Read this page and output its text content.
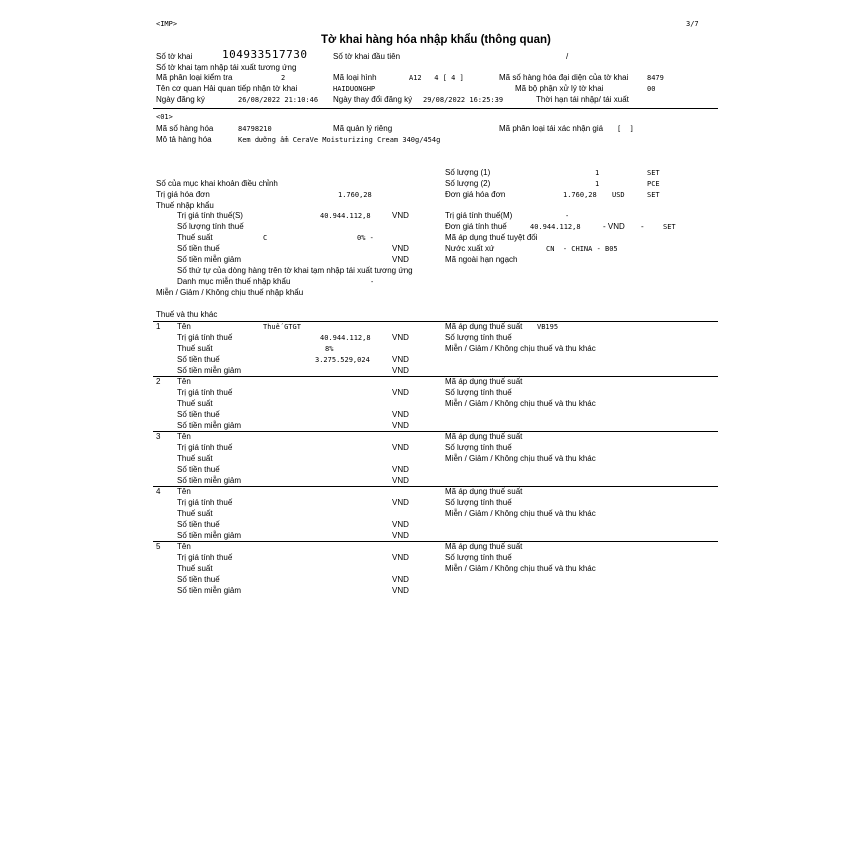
<IMP>	3/7
Tờ khai hàng hóa nhập khẩu (thông quan)
Số tờ khai	104933517730	Số tờ khai đầu tiên	/
Số tờ khai tạm nhập tái xuất tương ứng
Mã phân loại kiểm tra	2	Mã loại hình	A12   4 [ 4 ]	Mã số hàng hóa đại diện của tờ khai	8479
Tên cơ quan Hải quan tiếp nhận tờ khai	HAIDUONGHP	Mã bộ phận xử lý tờ khai	00
Ngày đăng ký	26/08/2022 21:10:46 Ngày thay đổi đăng ký 29/08/2022 16:25:39	Thời hạn tái nhập/ tái xuất
<01>
Mã số hàng hóa	84798210	Mã quản lý riêng	Mã phân loại tái xác nhận giá [  ]
Mô tả hàng hóa	Kem dưỡng ẩm CeraVe Moisturizing Cream 340g/454g
Số lượng (1)	1	SET
Số của mục khai khoản điều chỉnh	Số lượng (2)	1	PCE
Trị giá hóa đơn	1.760,28	Đơn giá hóa đơn	1.760,28 USD	SET
Thuế nhập khẩu
Trị giá tính thuế(S)	40.944.112,8	VND	Trị giá tính thuế(M)	-
Số lượng tính thuế	Đơn giá tính thuế	40.944.112,8	- VND -	SET
Thuế suất	C	0% -	Mã áp dụng thuế tuyệt đối
Số tiền thuế	VND	Nước xuất xứ	CN  - CHINA - B05
Số tiền miễn giảm	VND	Mã ngoài hạn ngạch
Số thứ tự của dòng hàng trên tờ khai tạm nhập tái xuất tương ứng
Danh mục miễn thuế nhập khẩu	-
Miễn / Giảm / Không chịu thuế nhập khẩu
Thuế và thu khác
1 Tên	Thuế GTGT	Mã áp dụng thuế suất VB195
Trị giá tính thuế	40.944.112,8	VND	Số lượng tính thuế
Thuế suất	8%	Miễn / Giảm / Không chịu thuế và thu khác
Số tiền thuế	3.275.529,024	VND
Số tiền miễn giảm	VND
2 Tên	Mã áp dụng thuế suất
Trị giá tính thuế	VND	Số lượng tính thuế
Thuế suất	Miễn / Giảm / Không chịu thuế và thu khác
Số tiền thuế	VND
Số tiền miễn giảm	VND
3 Tên	Mã áp dụng thuế suất
Trị giá tính thuế	VND	Số lượng tính thuế
Thuế suất	Miễn / Giảm / Không chịu thuế và thu khác
Số tiền thuế	VND
Số tiền miễn giảm	VND
4 Tên	Mã áp dụng thuế suất
Trị giá tính thuế	VND	Số lượng tính thuế
Thuế suất	Miễn / Giảm / Không chịu thuế và thu khác
Số tiền thuế	VND
Số tiền miễn giảm	VND
5 Tên	Mã áp dụng thuế suất
Trị giá tính thuế	VND	Số lượng tính thuế
Thuế suất	Miễn / Giảm / Không chịu thuế và thu khác
Số tiền thuế	VND
Số tiền miễn giảm	VND
